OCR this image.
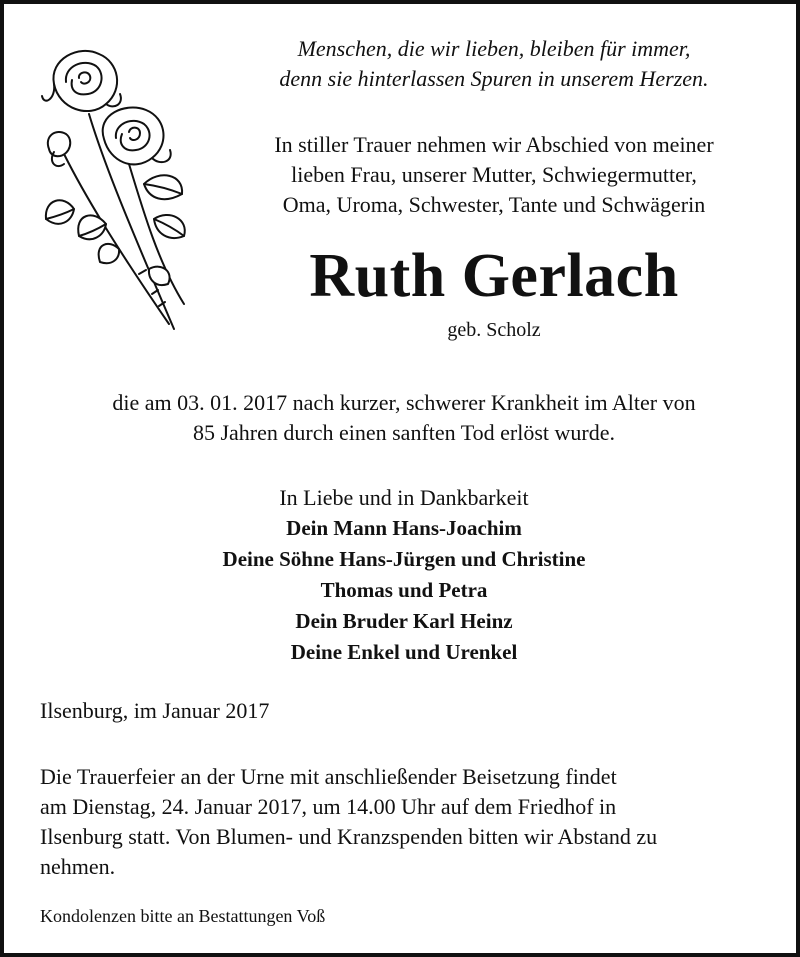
Menschen, die wir lieben, bleiben für immer,
denn sie hinterlassen Spuren in unserem Herzen.
In stiller Trauer nehmen wir Abschied von meiner
lieben Frau, unserer Mutter, Schwiegermutter,
Oma, Uroma, Schwester, Tante und Schwägerin
Ruth Gerlach
geb. Scholz
die am 03. 01. 2017 nach kurzer, schwerer Krankheit im Alter von
85 Jahren durch einen sanften Tod erlöst wurde.
In Liebe und in Dankbarkeit
Dein Mann Hans-Joachim
Deine Söhne Hans-Jürgen und Christine
Thomas und Petra
Dein Bruder Karl Heinz
Deine Enkel und Urenkel
Ilsenburg, im Januar 2017
Die Trauerfeier an der Urne mit anschließender Beisetzung findet
am Dienstag, 24. Januar 2017, um 14.00 Uhr auf dem Friedhof in
Ilsenburg statt. Von Blumen- und Kranzspenden bitten wir Abstand zu
nehmen.
Kondolenzen bitte an Bestattungen Voß
